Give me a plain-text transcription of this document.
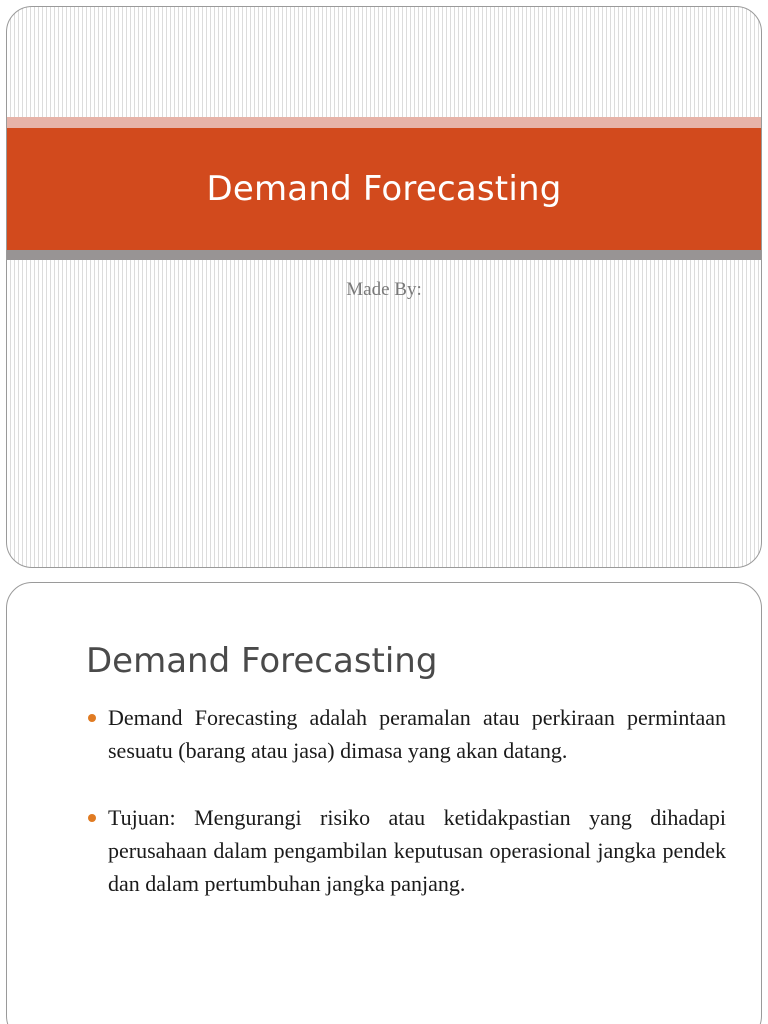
Demand Forecasting
Made By:
Demand Forecasting
Demand Forecasting adalah peramalan atau perkiraan permintaan sesuatu (barang atau jasa) dimasa yang akan datang.
Tujuan: Mengurangi risiko atau ketidakpastian yang dihadapi perusahaan dalam pengambilan keputusan operasional jangka pendek dan dalam pertumbuhan jangka panjang.
